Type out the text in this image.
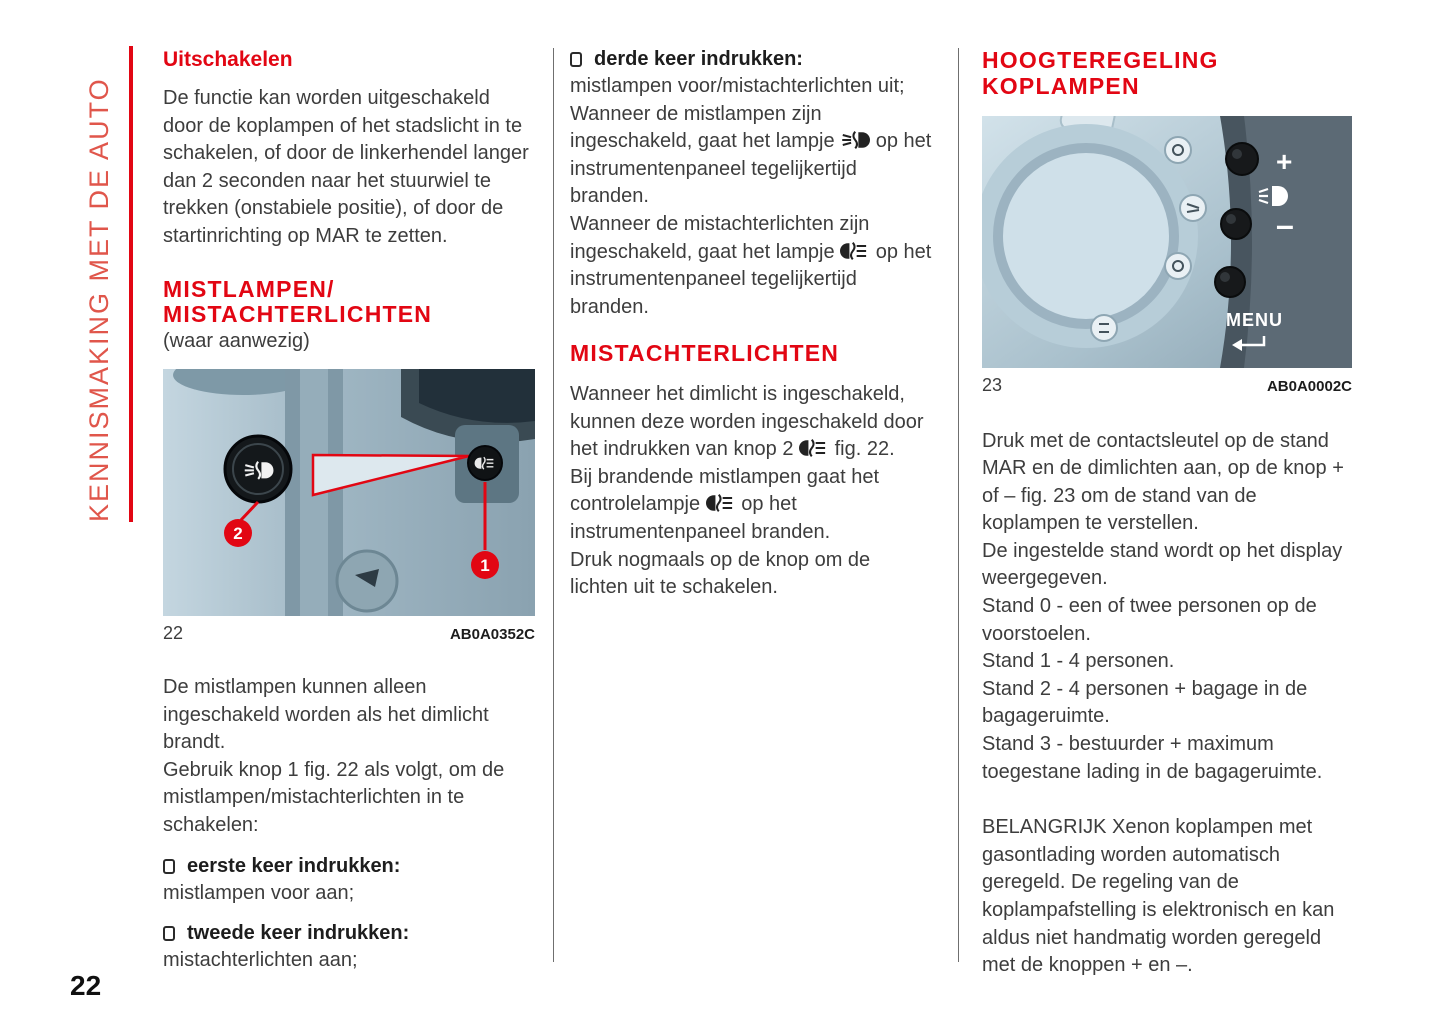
KENNISMAKING MET DE AUTO
Uitschakelen

De functie kan worden uitgeschakeld door de koplampen of het stadslicht in te schakelen, of door de linkerhendel langer dan 2 seconden naar het stuurwiel te trekken (onstabiele positie), of door de startinrichting op MAR te zetten.

MISTLAMPEN/
MISTACHTERLICHTEN

(waar aanwezig)

2
1
22	AB0A0352C

De mistlampen kunnen alleen ingeschakeld worden als het dimlicht brandt.

Gebruik knop 1 fig. 22 als volgt, om de mistlampen/mistachterlichten in te schakelen:

eerste keer indrukken:

mistlampen voor aan;

tweede keer indrukken:

mistachterlichten aan;

derde keer indrukken:

mistlampen voor/mistachterlichten uit;

Wanneer de mistlampen zijn ingeschakeld, gaat het lampje op het instrumentenpaneel tegelijkertijd branden.

Wanneer de mistachterlichten zijn ingeschakeld, gaat het lampje op het instrumentenpaneel tegelijkertijd branden.

MISTACHTERLICHTEN

Wanneer het dimlicht is ingeschakeld, kunnen deze worden ingeschakeld door het indrukken van knop 2 fig. 22.

Bij brandende mistlampen gaat het controlelampje op het instrumentenpaneel branden.

Druk nogmaals op de knop om de lichten uit te schakelen.

HOOGTEREGELING
KOPLAMPEN
+
–
MENU
23	AB0A0002C

Druk met de contactsleutel op de stand MAR en de dimlichten aan, op de knop + of – fig. 23 om de stand van de koplampen te verstellen.

De ingestelde stand wordt op het display weergegeven.

Stand 0 - een of twee personen op de voorstoelen.

Stand 1 - 4 personen.

Stand 2 - 4 personen + bagage in de bagageruimte.

Stand 3 - bestuurder + maximum toegestane lading in de bagageruimte.

BELANGRIJK Xenon koplampen met gasontlading worden automatisch geregeld. De regeling van de koplampafstelling is elektronisch en kan aldus niet handmatig worden geregeld met de knoppen + en –.

22
